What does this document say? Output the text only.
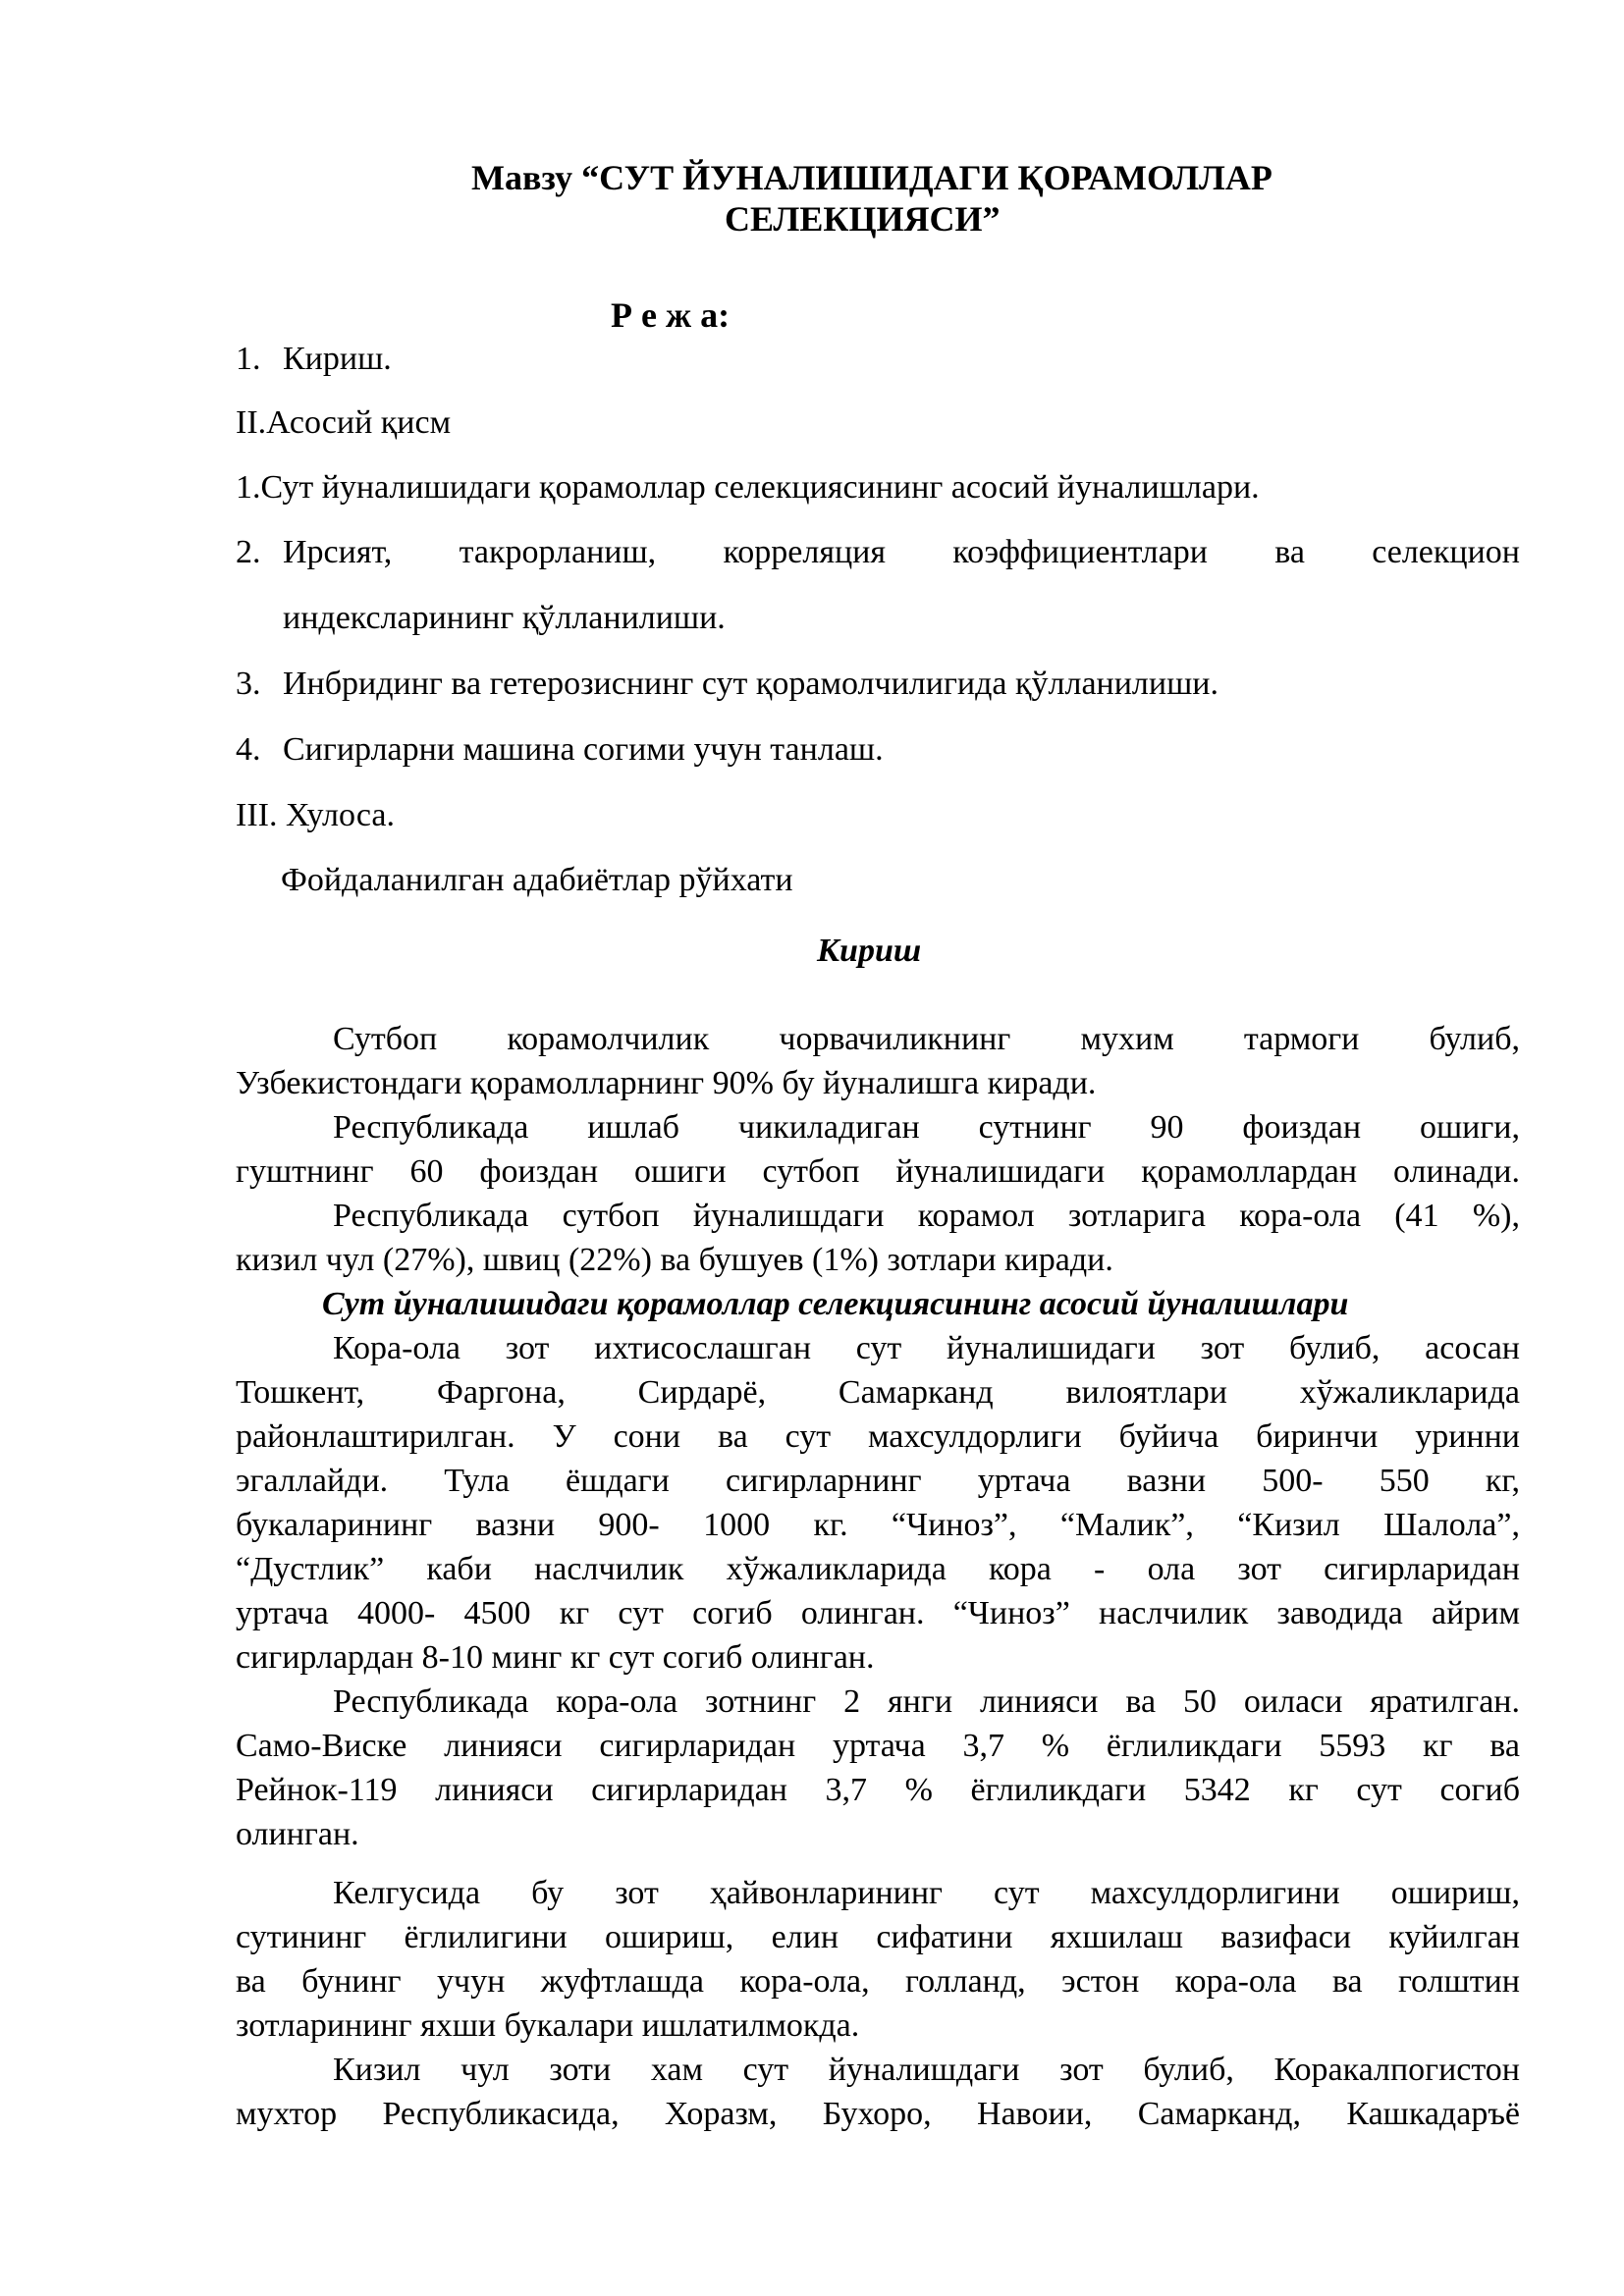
Мавзу “СУТ ЙУНАЛИШИДАГИ ҚОРАМОЛЛАР
СЕЛЕКЦИЯСИ”
Р е ж а:
1. Кириш.
II.Асосий қисм
1.Сут йуналишидаги қорамоллар селекциясининг асосий йуналишлари.
2. Ирсият, такрорланиш, корреляция коэффициентлари ва селекцион
индексларининг қўлланилиши.
3. Инбридинг ва гетерозиснинг сут қорамолчилигида қўлланилиши.
4. Сигирларни машина согими учун танлаш.
III. Хулоса.
Фойдаланилган адабиётлар рўйхати
Кириш
Сутбоп корамолчилик чорвачиликнинг мухим тармоги булиб,
Узбекистондаги қорамолларнинг 90% бу йуналишга киради.
Республикада ишлаб чикиладиган сутнинг 90 фоиздан ошиги,
гуштнинг 60 фоиздан ошиги сутбоп йуналишидаги қорамоллардан олинади.
Республикада сутбоп йуналишдаги корамол зотларига кора-ола (41 %),
кизил чул (27%), швиц (22%) ва бушуев (1%) зотлари киради.
Сут йуналишидаги қорамоллар селекциясининг асосий йуналишлари
Кора-ола зот ихтисослашган сут йуналишидаги зот булиб, асосан
Тошкент, Фаргона, Сирдарё, Самарканд вилоятлари хўжаликларида
районлаштирилган. У сони ва сут махсулдорлиги буйича биринчи уринни
эгаллайди. Тула ёшдаги сигирларнинг уртача вазни 500- 550 кг,
букаларининг вазни 900- 1000 кг. “Чиноз”, “Малик”, “Кизил Шалола”,
“Дустлик” каби наслчилик хўжаликларида кора - ола зот сигирларидан
уртача 4000- 4500 кг сут согиб олинган. “Чиноз” наслчилик заводида айрим
сигирлардан 8-10 минг кг сут согиб олинган.
Республикада кора-ола зотнинг 2 янги линияси ва 50 оиласи яратилган.
Само-Виске линияси сигирларидан уртача 3,7 % ёглиликдаги 5593 кг ва
Рейнок-119 линияси сигирларидан 3,7 % ёглиликдаги 5342 кг сут согиб
олинган.
Келгусида бу зот ҳайвонларининг сут махсулдорлигини ошириш,
сутининг ёглилигини ошириш, елин сифатини яхшилаш вазифаси куйилган
ва бунинг учун жуфтлашда кора-ола, голланд, эстон кора-ола ва голштин
зотларининг яхши букалари ишлатилмокда.
Кизил чул зоти хам сут йуналишдаги зот булиб, Коракалпогистон
мухтор Республикасида, Хоразм, Бухоро, Навоии, Самарканд, Кашкадаръё
